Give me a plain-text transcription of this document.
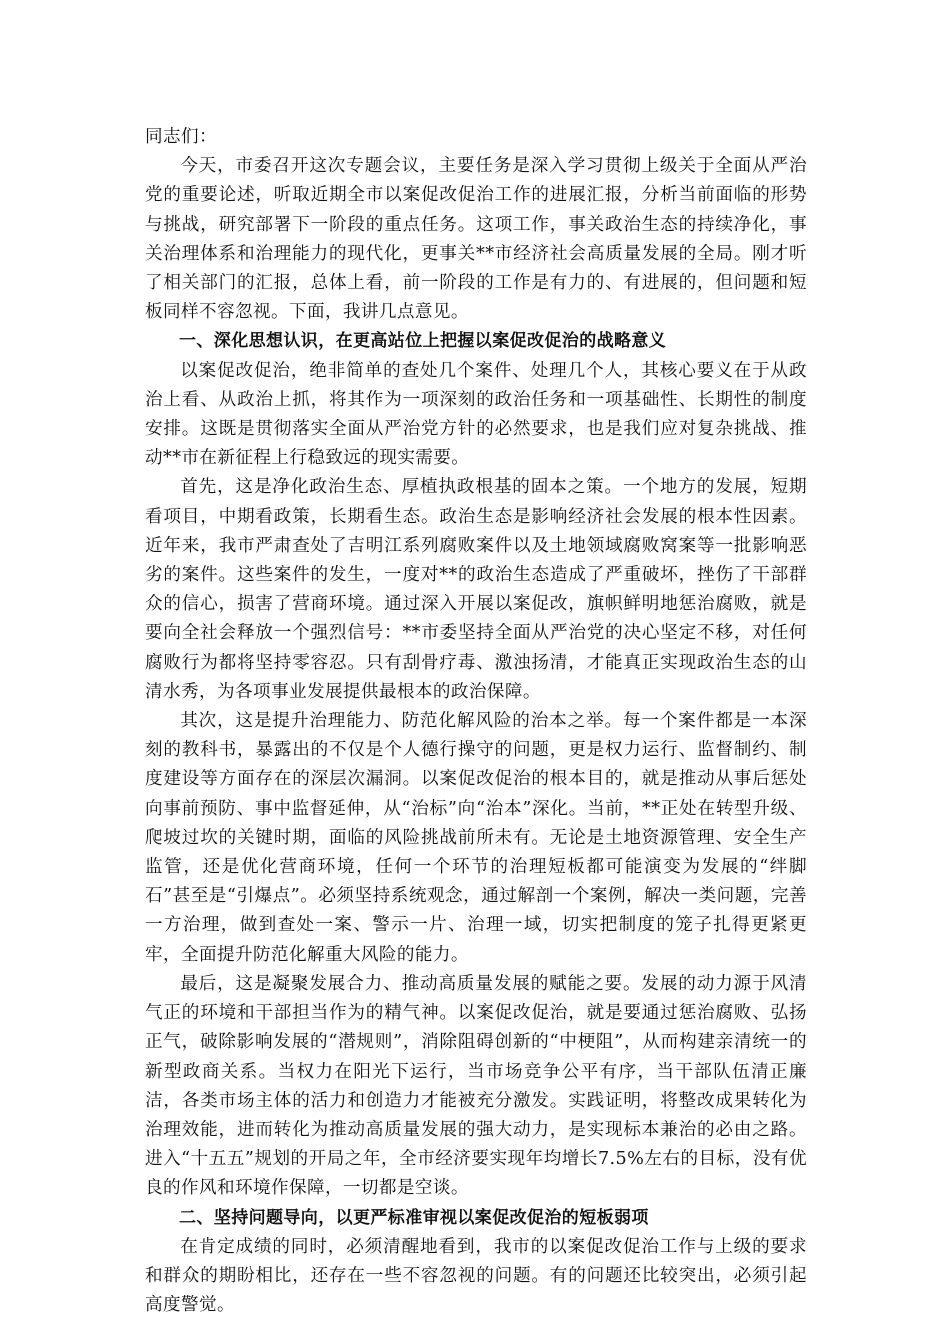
同志们：

今天，市委召开这次专题会议，主要任务是深入学习贯彻上级关于全面从严治党的重要论述，听取近期全市以案促改促治工作的进展汇报，分析当前面临的形势与挑战，研究部署下一阶段的重点任务。这项工作，事关政治生态的持续净化，事关治理体系和治理能力的现代化，更事关**市经济社会高质量发展的全局。刚才听了相关部门的汇报，总体上看，前一阶段的工作是有力的、有进展的，但问题和短板同样不容忽视。下面，我讲几点意见。

一、深化思想认识，在更高站位上把握以案促改促治的战略意义

以案促改促治，绝非简单的查处几个案件、处理几个人，其核心要义在于从政治上看、从政治上抓，将其作为一项深刻的政治任务和一项基础性、长期性的制度安排。这既是贯彻落实全面从严治党方针的必然要求，也是我们应对复杂挑战、推动**市在新征程上行稳致远的现实需要。

首先，这是净化政治生态、厚植执政根基的固本之策。一个地方的发展，短期看项目，中期看政策，长期看生态。政治生态是影响经济社会发展的根本性因素。近年来，我市严肃查处了吉明江系列腐败案件以及土地领域腐败窝案等一批影响恶劣的案件。这些案件的发生，一度对**的政治生态造成了严重破坏，挫伤了干部群众的信心，损害了营商环境。通过深入开展以案促改，旗帜鲜明地惩治腐败，就是要向全社会释放一个强烈信号：**市委坚持全面从严治党的决心坚定不移，对任何腐败行为都将坚持零容忍。只有刮骨疗毒、激浊扬清，才能真正实现政治生态的山清水秀，为各项事业发展提供最根本的政治保障。

其次，这是提升治理能力、防范化解风险的治本之举。每一个案件都是一本深刻的教科书，暴露出的不仅是个人德行操守的问题，更是权力运行、监督制约、制度建设等方面存在的深层次漏洞。以案促改促治的根本目的，就是推动从事后惩处向事前预防、事中监督延伸，从“治标”向“治本”深化。当前，**正处在转型升级、爬坡过坎的关键时期，面临的风险挑战前所未有。无论是土地资源管理、安全生产监管，还是优化营商环境，任何一个环节的治理短板都可能演变为发展的“绊脚石”甚至是“引爆点”。必须坚持系统观念，通过解剖一个案例，解决一类问题，完善一方治理，做到查处一案、警示一片、治理一域，切实把制度的笼子扎得更紧更牢，全面提升防范化解重大风险的能力。

最后，这是凝聚发展合力、推动高质量发展的赋能之要。发展的动力源于风清气正的环境和干部担当作为的精气神。以案促改促治，就是要通过惩治腐败、弘扬正气，破除影响发展的“潜规则”，消除阻碍创新的“中梗阻”，从而构建亲清统一的新型政商关系。当权力在阳光下运行，当市场竞争公平有序，当干部队伍清正廉洁，各类市场主体的活力和创造力才能被充分激发。实践证明，将整改成果转化为治理效能，进而转化为推动高质量发展的强大动力，是实现标本兼治的必由之路。进入“十五五”规划的开局之年，全市经济要实现年均增长7.5%左右的目标，没有优良的作风和环境作保障，一切都是空谈。

二、坚持问题导向，以更严标准审视以案促改促治的短板弱项

在肯定成绩的同时，必须清醒地看到，我市的以案促改促治工作与上级的要求和群众的期盼相比，还存在一些不容忽视的问题。有的问题还比较突出，必须引起高度警觉。
